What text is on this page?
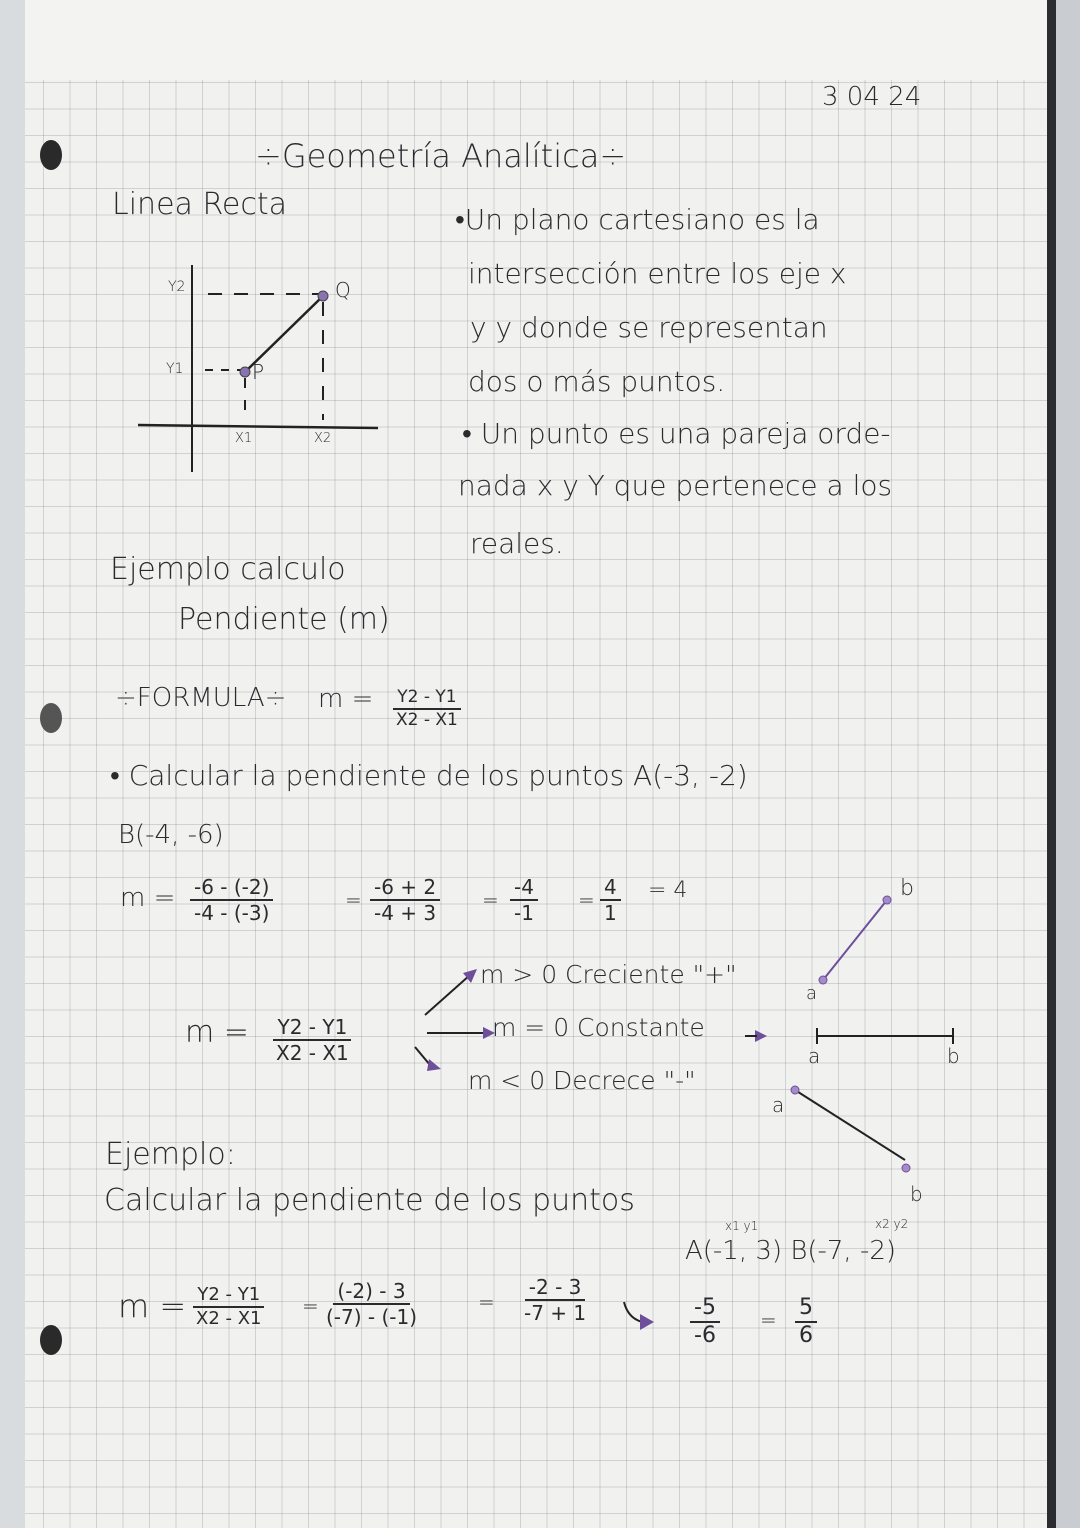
3 04 24
÷Geometría Analítica÷
Linea Recta
Y2
Y1
X1	X2
P
Q
•Un plano cartesiano es la
intersección entre los eje x
y y donde se representan
dos o más puntos.
• Un punto es una pareja orde-
nada x y Y que pertenece a los
reales.
Ejemplo calculo
Pendiente (m)
÷FORMULA÷ $m = \frac{Y2 - Y1}{X2 - X1}$
• Calcular la pendiente de los puntos A(-3, -2)
B(-4, -6)
$m = \frac{-6 - (-2)}{-4 - (-3)}$	= $\frac{-6 + 2}{-4 + 3} = \frac{-4}{-1} = \frac{4}{1} = 4$
$m = \frac{Y2 - Y1}{X2 - X1}$
m > 0 Creciente "+"
m = 0 Constante
m < 0 Decrece "-"
b
a
a	b
a
b
Ejemplo:
Calcular la pendiente de los puntos
x1 y1	x2 y2
A(-1, 3) B(-7, -2)
$m = \frac{Y2 - Y1}{X2 - X1} = \frac{(-2) - 3}{(-7) - (-1)}$	= $\frac{-2 - 3}{-7 + 1}$	$\frac{-5}{-6} = \frac{5}{6}$
